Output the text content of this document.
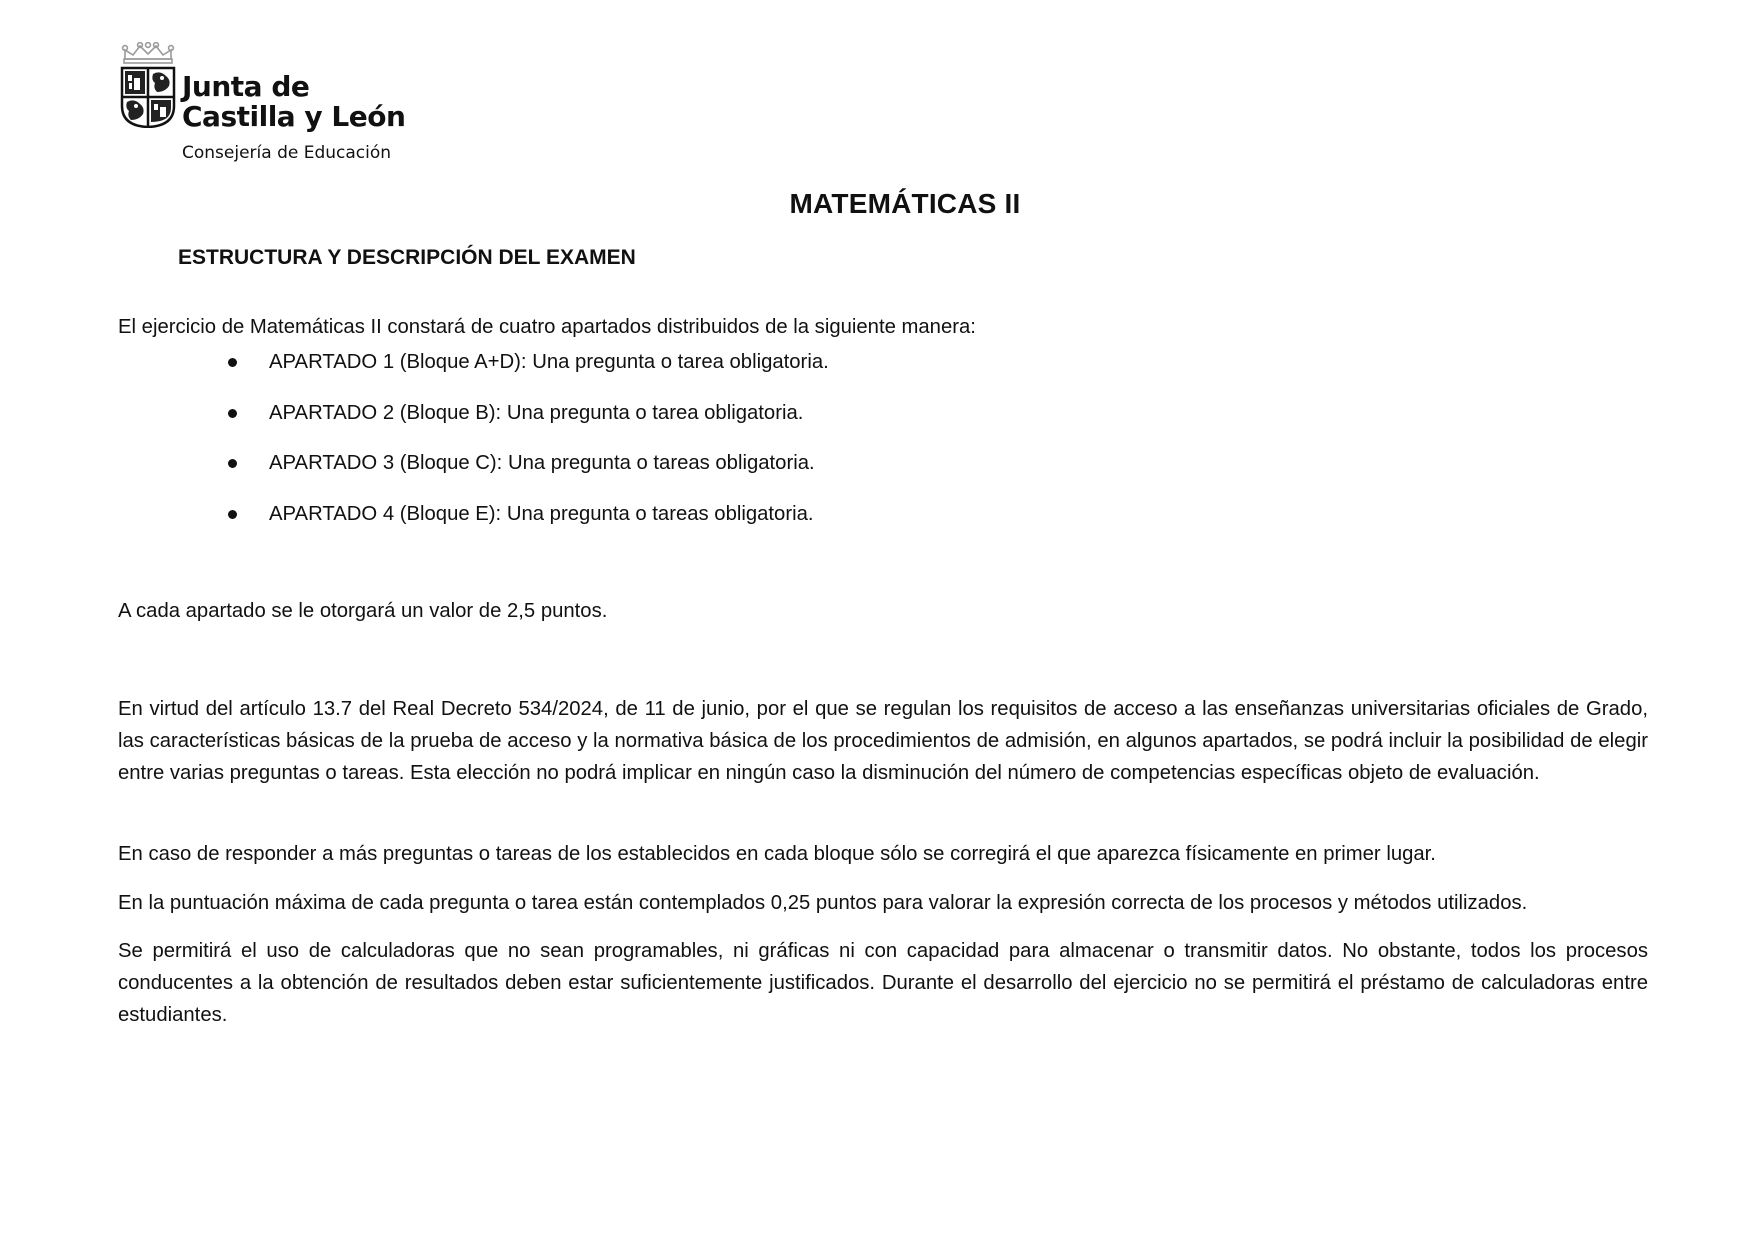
Junta de
Castilla y León
Consejería de Educación
MATEMÁTICAS II
ESTRUCTURA Y DESCRIPCIÓN DEL EXAMEN
El ejercicio de Matemáticas II constará de cuatro apartados distribuidos de la siguiente manera:
APARTADO 1 (Bloque A+D): Una pregunta o tarea obligatoria.
APARTADO 2 (Bloque B): Una pregunta o tarea obligatoria.
APARTADO 3 (Bloque C): Una pregunta o tareas obligatoria.
APARTADO 4 (Bloque E): Una pregunta o tareas obligatoria.
A cada apartado se le otorgará un valor de 2,5 puntos.
En virtud del artículo 13.7 del Real Decreto 534/2024, de 11 de junio, por el que se regulan los requisitos de acceso a las enseñanzas universitarias oficiales de Grado, las características básicas de la prueba de acceso y la normativa básica de los procedimientos de admisión, en algunos apartados, se podrá incluir la posibilidad de elegir entre varias preguntas o tareas. Esta elección no podrá implicar en ningún caso la disminución del número de competencias específicas objeto de evaluación.
En caso de responder a más preguntas o tareas de los establecidos en cada bloque sólo se corregirá el que aparezca físicamente en primer lugar.
En la puntuación máxima de cada pregunta o tarea están contemplados 0,25 puntos para valorar la expresión correcta de los procesos y métodos utilizados.
Se permitirá el uso de calculadoras que no sean programables, ni gráficas ni con capacidad para almacenar o transmitir datos. No obstante, todos los procesos conducentes a la obtención de resultados deben estar suficientemente justificados. Durante el desarrollo del ejercicio no se permitirá el préstamo de calculadoras entre estudiantes.
